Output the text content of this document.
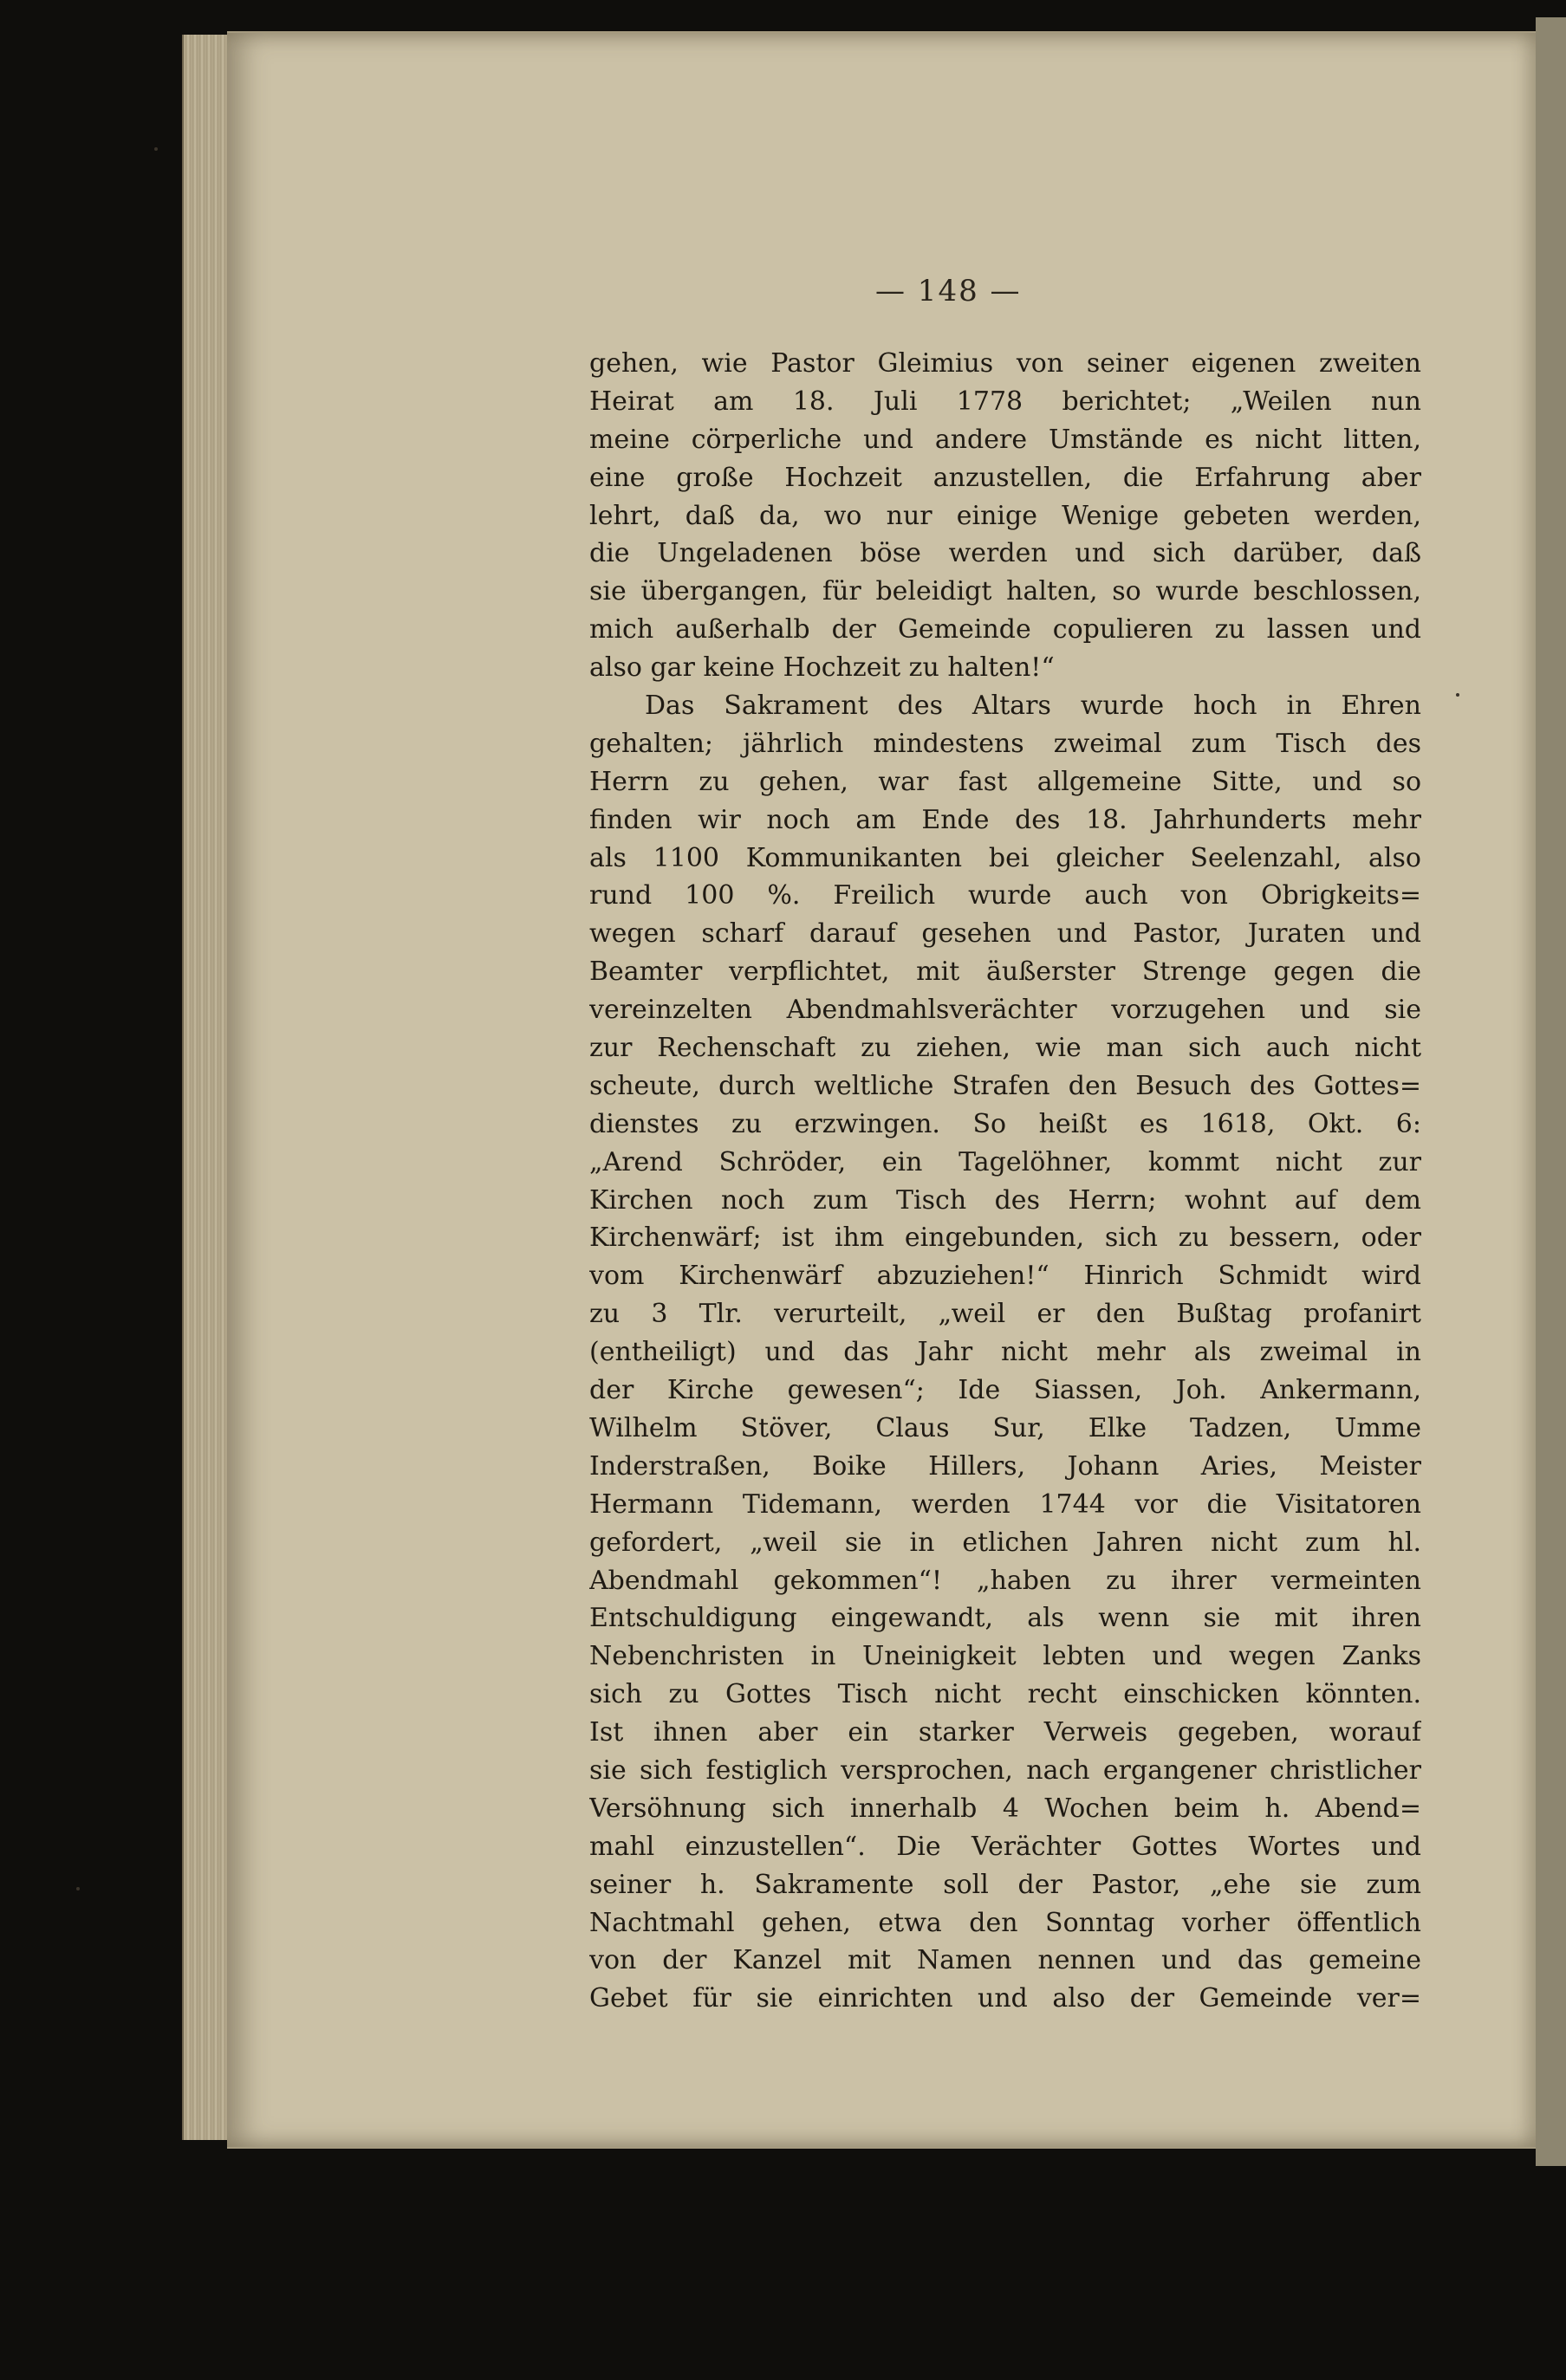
— 148 —
gehen, wie Pastor Gleimius von seiner eigenen zweiten
Heirat am 18. Juli 1778 berichtet; „Weilen nun
meine cörperliche und andere Umstände es nicht litten,
eine große Hochzeit anzustellen, die Erfahrung aber
lehrt, daß da, wo nur einige Wenige gebeten werden,
die Ungeladenen böse werden und sich darüber, daß
sie übergangen, für beleidigt halten, so wurde beschlossen,
mich außerhalb der Gemeinde copulieren zu lassen und
also gar keine Hochzeit zu halten!“
Das Sakrament des Altars wurde hoch in Ehren
gehalten; jährlich mindestens zweimal zum Tisch des
Herrn zu gehen, war fast allgemeine Sitte, und so
finden wir noch am Ende des 18. Jahrhunderts mehr
als 1100 Kommunikanten bei gleicher Seelenzahl, also
rund 100 %. Freilich wurde auch von Obrigkeits=
wegen scharf darauf gesehen und Pastor, Juraten und
Beamter verpflichtet, mit äußerster Strenge gegen die
vereinzelten Abendmahlsverächter vorzugehen und sie
zur Rechenschaft zu ziehen, wie man sich auch nicht
scheute, durch weltliche Strafen den Besuch des Gottes=
dienstes zu erzwingen. So heißt es 1618, Okt. 6:
„Arend Schröder, ein Tagelöhner, kommt nicht zur
Kirchen noch zum Tisch des Herrn; wohnt auf dem
Kirchenwärf; ist ihm eingebunden, sich zu bessern, oder
vom Kirchenwärf abzuziehen!“ Hinrich Schmidt wird
zu 3 Tlr. verurteilt, „weil er den Bußtag profanirt
(entheiligt) und das Jahr nicht mehr als zweimal in
der Kirche gewesen“; Ide Siassen, Joh. Ankermann,
Wilhelm Stöver, Claus Sur, Elke Tadzen, Umme
Inderstraßen, Boike Hillers, Johann Aries, Meister
Hermann Tidemann, werden 1744 vor die Visitatoren
gefordert, „weil sie in etlichen Jahren nicht zum hl.
Abendmahl gekommen“! „haben zu ihrer vermeinten
Entschuldigung eingewandt, als wenn sie mit ihren
Nebenchristen in Uneinigkeit lebten und wegen Zanks
sich zu Gottes Tisch nicht recht einschicken könnten.
Ist ihnen aber ein starker Verweis gegeben, worauf
sie sich festiglich versprochen, nach ergangener christlicher
Versöhnung sich innerhalb 4 Wochen beim h. Abend=
mahl einzustellen“. Die Verächter Gottes Wortes und
seiner h. Sakramente soll der Pastor, „ehe sie zum
Nachtmahl gehen, etwa den Sonntag vorher öffentlich
von der Kanzel mit Namen nennen und das gemeine
Gebet für sie einrichten und also der Gemeinde ver=
